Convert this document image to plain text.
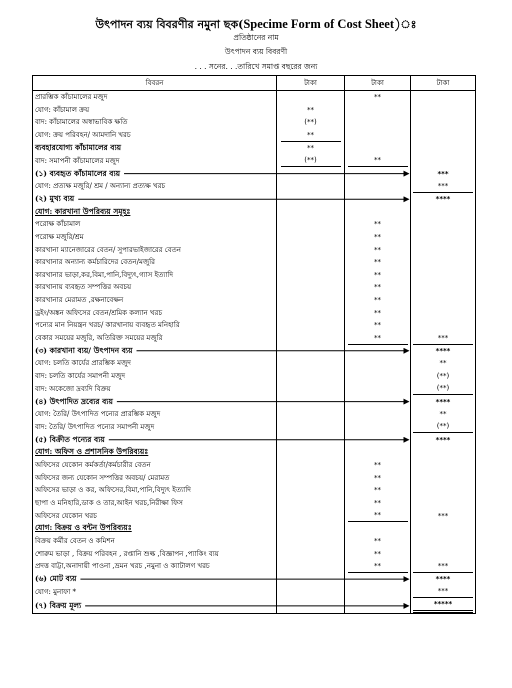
উৎপাদন ব্যয় বিবরণীর নমুনা ছক(Specime Form of Cost Sheet)ঃ
প্রতিষ্ঠানের নাম
উৎপাদন ব্যয় বিবরণী
. . . সনের. . .তারিখে সমাপ্ত বছরের জন্য
বিবরন	টাকা	টাকা	টাকা
প্রারম্ভিক কাঁচামালের মজুদ		**	
যোগ: কাঁচামাল ক্রয়	**		
বাদ: কাঁচামালের অস্বাভাবিক ক্ষতি	(**)		
যোগ: ক্রয় পরিবহন/ আমদানি খরচ	**		
ব্যবহারযোগ্য কাঁচামালের ব্যয়	**		
বাদ: সমাপনী কাঁচামালের মজুদ	(**)	**	
(১) ব্যবহৃত কাঁচামালের ব্যয়			***
যোগ: প্রত্যক্ষ মজুরি/ শ্রম / অন্যান্য প্রত্যক্ষ খরচ			***
(২) মুখ্য ব্যয়			****
যোগ: কারখানা উপরিব্যয় সমূহঃ			
পরোক্ষ কাঁচামাল		**	
পরোক্ষ মজুরি/শ্রম		**	
কারখানা ম্যানেজারের বেতন/ সুপারভাইজারের বেতন		**	
কারখানার অন্যান্য কর্মচারিদের বেতন/মজুরি		**	
কারখানার ভাড়া,কর,বিমা,পানি,বিদ্যুৎ,গ্যাস ইত্যাদি		**	
কারখানায় ব্যবহৃত সম্পত্তির অবচয়		**	
কারখানার মেরামত ,রক্ষনাবেক্ষন		**	
ড্রইং/অঙ্কন অফিসের বেতন/শ্রমিক কল্যান খরচ		**	
পন্যের মান নিয়ন্ত্রন খরচ/ কারখানায় ব্যবহৃত মনিহারি		**	
বেকার সময়ের মজুরি, অতিরিক্ত সময়ের মজুরি		**	***
(৩) কারখানা ব্যয়/ উৎপাদন ব্যয়			****
যোগ: চলতি কার্যের প্রারম্ভিক মজুদ			**
বাদ: চলতি কার্যের সমাপনী মজুদ			(**)
বাদ: অকেজো দ্রব্যদি বিক্রয়			(**)
(৪) উৎপাদিত দ্রব্যের ব্যয়			****
যোগ: তৈরি/ উৎপাদিত পন্যের প্রারম্ভিক মজুদ			**
বাদ: তৈরি/ উৎপাদিত পন্যের সমাপনী মজুদ			(**)
(৫) বিক্রীত পন্যের ব্যয়			****
যোগ: অফিস ও প্রশাসনিক উপরিব্যয়ঃ			
অফিসের যেকোন কর্মকর্তা/কর্মচারীর বেতন		**	
অফিসের জন্য যেকোন সম্পত্তির অবচয়/ মেরামত		**	
অফিসের ভাড়া ও কর, অফিসের,বিমা,পানি,বিদ্যুৎ ইত্যাদি		**	
ছাপা ও মনিহারি,ডাক ও তার,আইন খরচ,নিরীক্ষা ফিস		**	
অফিসের যেকোন খরচ		**	***
যোগ: বিক্রয় ও বন্টন উপরিব্যয়ঃ			
বিক্রয় কর্মীর বেতন ও কমিশন		**	
শোরুম ভাড়া , বিক্রয় পরিবহন , রপ্তানি শুল্ক ,বিজ্ঞাপন ,প্যাকিং ব্যয়		**	
প্রদত্ত বাট্টা,অনাদায়ী পাওনা ,ভ্রমন খরচ ,নমুনা ও ক্যাটালগ খরচ		**	***
(৬) মোট ব্যয়			****
যোগ: মুনাফা *			***
(৭) বিক্রয় মূল্য			*****
